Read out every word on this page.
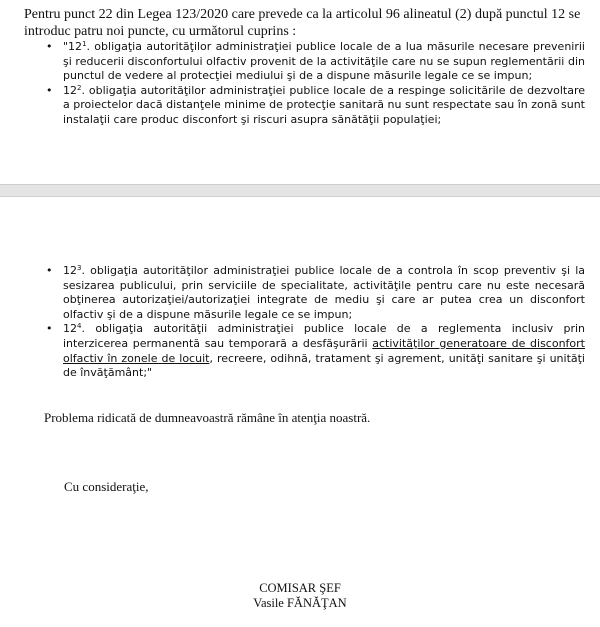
Pentru punct 22 din Legea 123/2020 care prevede ca la articolul 96 alineatul (2) după punctul 12 se introduc patru noi puncte, cu următorul cuprins :

• "$12^1$. obligaţia autorităţilor administraţiei publice locale de a lua măsurile necesare prevenirii şi reducerii disconfortului olfactiv provenit de la activităţile care nu se supun reglementării din punctul de vedere al protecţiei mediului şi de a dispune măsurile legale ce se impun;
• $12^2$. obligaţia autorităţilor administraţiei publice locale de a respinge solicitările de dezvoltare a proiectelor dacă distanţele minime de protecţie sanitară nu sunt respectate sau în zonă sunt instalaţii care produc disconfort şi riscuri asupra sănătăţii populaţiei;
• $12^3$. obligaţia autorităţilor administraţiei publice locale de a controla în scop preventiv şi la sesizarea publicului, prin serviciile de specialitate, activităţile pentru care nu este necesară obţinerea autorizaţiei/autorizaţiei integrate de mediu şi care ar putea crea un disconfort olfactiv şi de a dispune măsurile legale ce se impun;
• $12^4$. obligaţia autorităţii administraţiei publice locale de a reglementa inclusiv prin interzicerea permanentă sau temporară a desfăşurării activităţilor generatoare de disconfort olfactiv în zonele de locuit, recreere, odihnă, tratament şi agrement, unităţi sanitare şi unităţi de învăţământ;"
Problema ridicată de dumneavoastră rămâne în atenţia noastră.
Cu consideraţie,
COMISAR ŞEF
Vasile FĂNĂŢAN
